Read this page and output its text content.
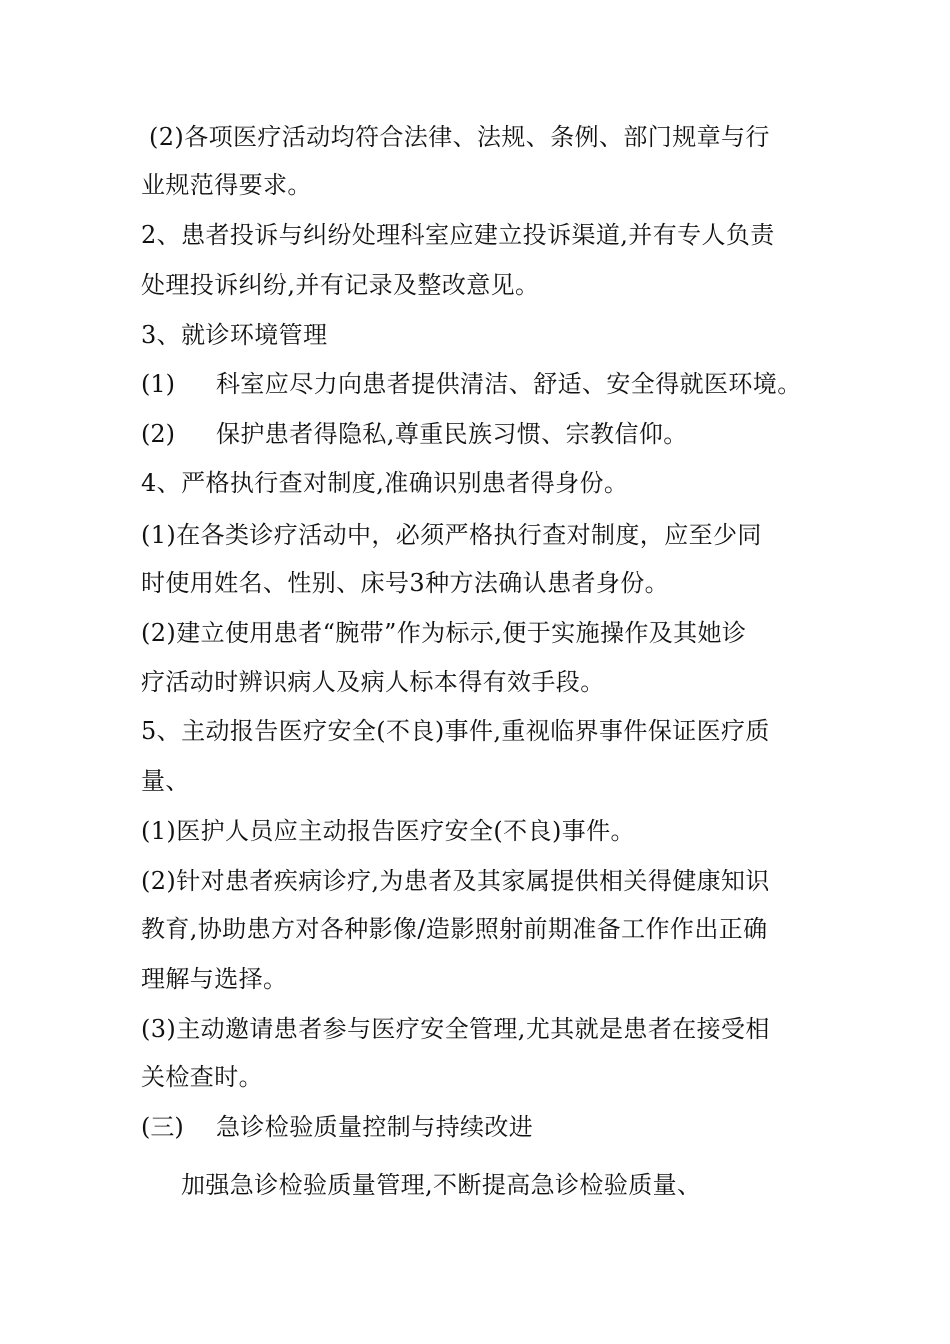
(2)各项医疗活动均符合法律、法规、条例、部门规章与行
业规范得要求。
2、患者投诉与纠纷处理科室应建立投诉渠道,并有专人负责
处理投诉纠纷,并有记录及整改意见。
3、就诊环境管理
(1) 科室应尽力向患者提供清洁、舒适、安全得就医环境。
(2) 保护患者得隐私,尊重民族习惯、宗教信仰。
4、严格执行查对制度,准确识别患者得身份。
(1)在各类诊疗活动中，必须严格执行查对制度，应至少同
时使用姓名、性别、床号3种方法确认患者身份。
(2)建立使用患者“腕带”作为标示,便于实施操作及其她诊
疗活动时辨识病人及病人标本得有效手段。
5、主动报告医疗安全(不良)事件,重视临界事件保证医疗质
量、
(1)医护人员应主动报告医疗安全(不良)事件。
(2)针对患者疾病诊疗,为患者及其家属提供相关得健康知识
教育,协助患方对各种影像/造影照射前期准备工作作出正确
理解与选择。
(3)主动邀请患者参与医疗安全管理,尤其就是患者在接受相
关检查时。
(三) 急诊检验质量控制与持续改进
加强急诊检验质量管理,不断提高急诊检验质量、
